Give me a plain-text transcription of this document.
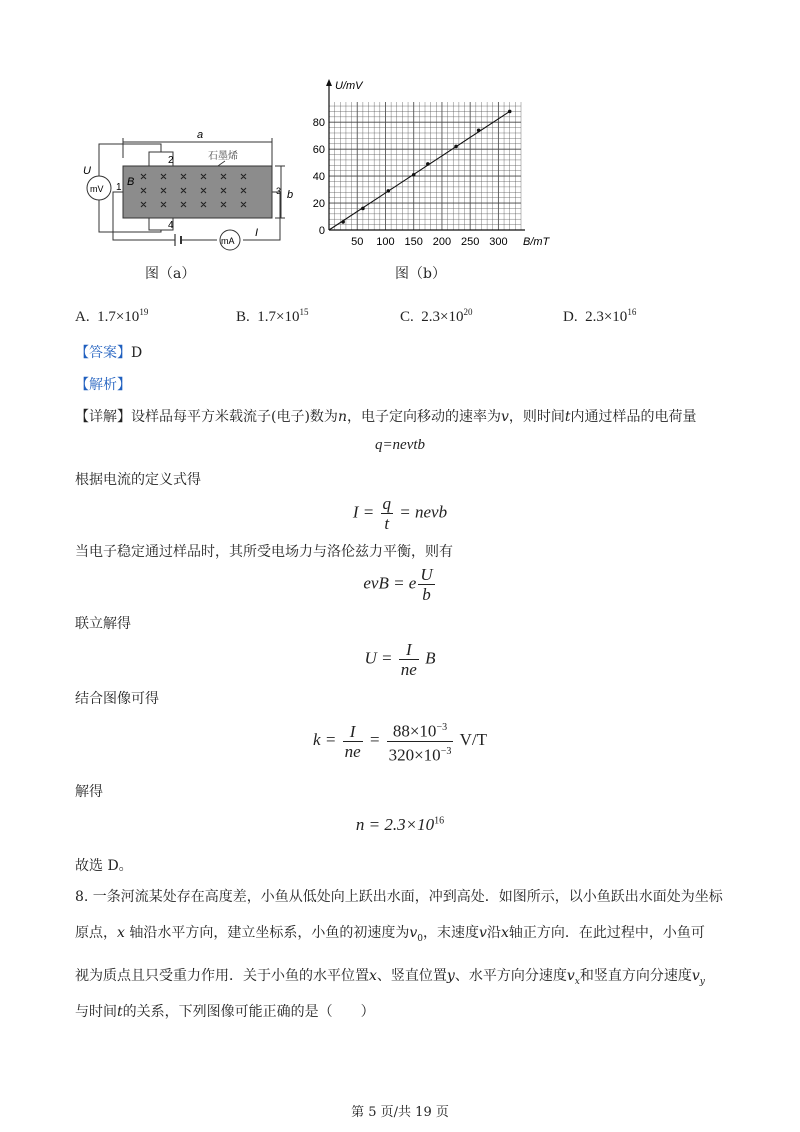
a
石墨烯
2
4
1	3
B
b
mV
U
mA
I
图（a）
50 100 150 200 250 300
0
20
40
60
80
B/mT
U/mV
图（b）
A. $1.7\times 10^{19}$	B. $1.7\times 10^{15}$	C. $2.3\times 10^{20}$	D. $2.3\times 10^{16}$
【答案】D
【解析】
【详解】设样品每平方米载流子(电子)数为n，电子定向移动的速率为v，则时间t内通过样品的电荷量
q=nevtb
根据电流的定义式得
$I = \frac{q}{t}$ = nevb
当电子稳定通过样品时，其所受电场力与洛伦兹力平衡，则有
evB = e $\frac{U}{b}$
联立解得
$U = \frac{I}{ne}$ B
结合图像可得
$k = \frac{I}{ne} = \frac{88\times 10^{-3}}{320\times 10^{-3}} V/T$
解得
$n = 2.3\times 10^{16}$
故选 D。
8. 一条河流某处存在高度差，小鱼从低处向上跃出水面，冲到高处．如图所示，以小鱼跃出水面处为坐标
原点，x 轴沿水平方向，建立坐标系，小鱼的初速度为$v_0$，末速度v沿x轴正方向．在此过程中，小鱼可
视为质点且只受重力作用．关于小鱼的水平位置x、竖直位置y、水平方向分速度$v_x$和竖直方向分速度$v_y$
与时间t的关系，下列图像可能正确的是（　　）
第 5 页/共 19 页
